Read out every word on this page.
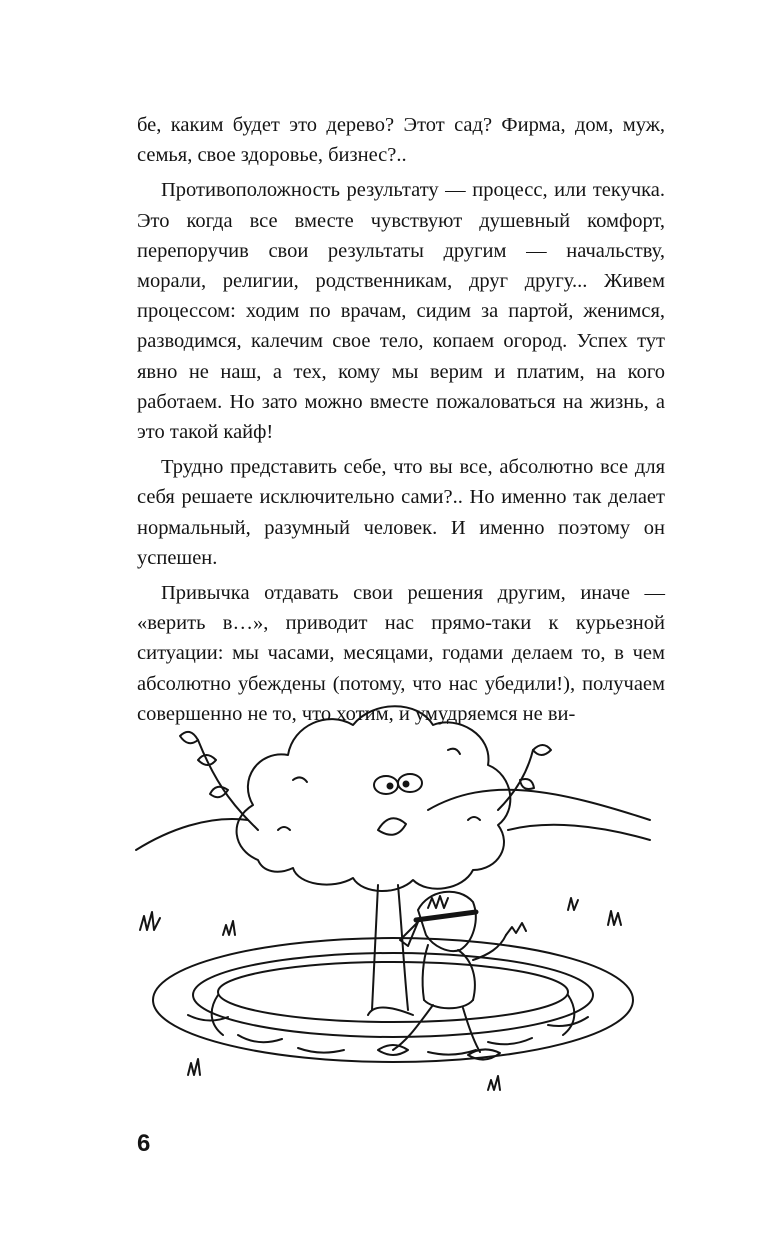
бе, каким будет это дерево? Этот сад? Фирма, дом, муж, семья, свое здоровье, бизнес?..

Противоположность результату — процесс, или текучка. Это когда все вместе чувствуют душевный комфорт, перепоручив свои результаты другим — начальству, морали, религии, родственникам, друг другу... Живем процессом: ходим по врачам, сидим за партой, женимся, разводимся, калечим свое тело, копаем огород. Успех тут явно не наш, а тех, кому мы верим и платим, на кого работаем. Но зато можно вместе пожаловаться на жизнь, а это такой кайф!

Трудно представить себе, что вы все, абсолютно все для себя решаете исключительно сами?.. Но именно так делает нормальный, разумный человек. И именно поэтому он успешен.

Привычка отдавать свои решения другим, иначе — «верить в…», приводит нас прямо-таки к курьезной ситуации: мы часами, месяцами, годами делаем то, в чем абсолютно убеждены (потому, что нас убедили!), получаем совершенно не то, что хотим, и умудряемся не ви-

6
